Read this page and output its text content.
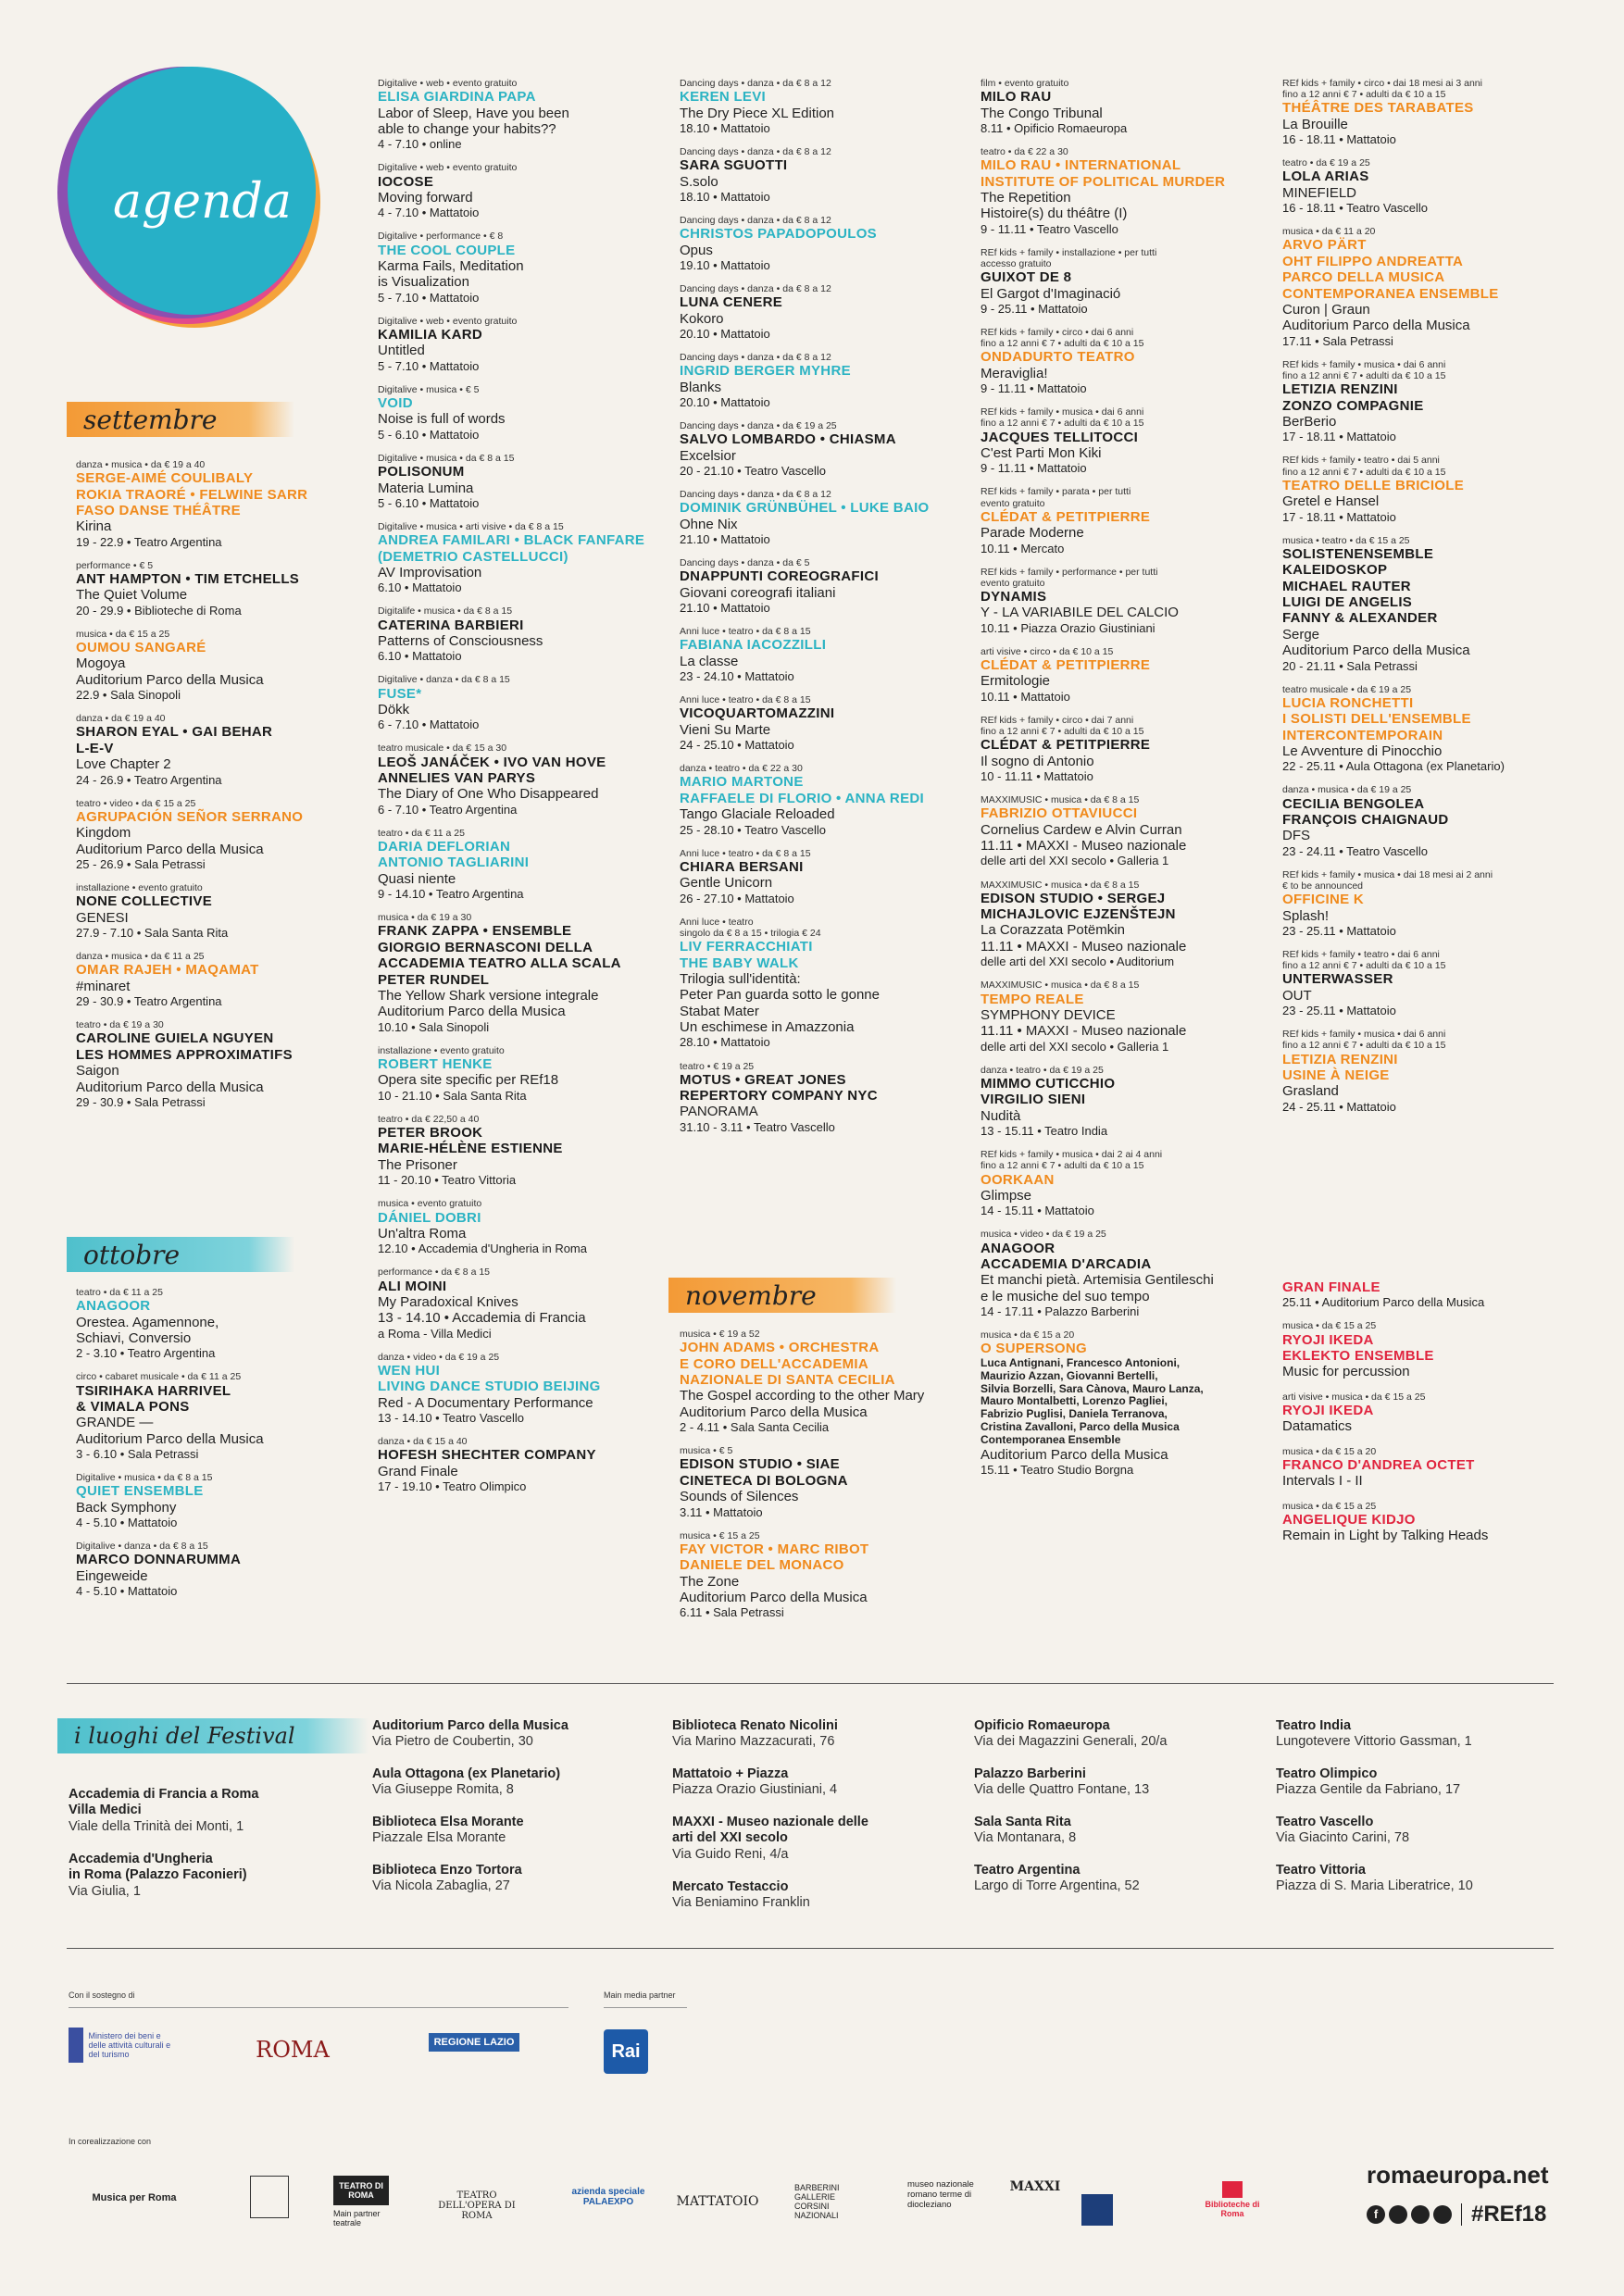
agenda
settembre
ottobre
novembre
danza • musica • da € 19 a 40
SERGE-AIMÉ COULIBALY
ROKIA TRAORÉ • FELWINE SARR
FASO DANSE THÉÂTRE
Kirina
19 - 22.9 • Teatro Argentina
performance • € 5
ANT HAMPTON • TIM ETCHELLS
The Quiet Volume
20 - 29.9 • Biblioteche di Roma
musica • da € 15 a 25
OUMOU SANGARÉ
Mogoya
Auditorium Parco della Musica
22.9 • Sala Sinopoli
danza • da € 19 a 40
SHARON EYAL • GAI BEHAR
L-E-V
Love Chapter 2
24 - 26.9 • Teatro Argentina
teatro • video • da € 15 a 25
AGRUPACIÓN SEÑOR SERRANO
Kingdom
Auditorium Parco della Musica
25 - 26.9 • Sala Petrassi
installazione • evento gratuito
NONE COLLECTIVE
GENESI
27.9 - 7.10 • Sala Santa Rita
danza • musica • da € 11 a 25
OMAR RAJEH • MAQAMAT
#minaret
29 - 30.9 • Teatro Argentina
teatro • da € 19 a 30
CAROLINE GUIELA NGUYEN
LES HOMMES APPROXIMATIFS
Saigon
Auditorium Parco della Musica
29 - 30.9 • Sala Petrassi
teatro • da € 11 a 25
ANAGOOR
Orestea. Agamennone,
Schiavi, Conversio
2 - 3.10 • Teatro Argentina
circo • cabaret musicale • da € 11 a 25
TSIRIHAKA HARRIVEL
& VIMALA PONS
GRANDE —
Auditorium Parco della Musica
3 - 6.10 • Sala Petrassi
Digitalive • musica • da € 8 a 15
QUIET ENSEMBLE
Back Symphony
4 - 5.10 • Mattatoio
Digitalive • danza • da € 8 a 15
MARCO DONNARUMMA
Eingeweide
4 - 5.10 • Mattatoio
Digitalive • web • evento gratuito
ELISA GIARDINA PAPA
Labor of Sleep, Have you been
able to change your habits??
4 - 7.10 • online
Digitalive • web • evento gratuito
IOCOSE
Moving forward
4 - 7.10 • Mattatoio
Digitalive • performance • € 8
THE COOL COUPLE
Karma Fails, Meditation
is Visualization
5 - 7.10 • Mattatoio
Digitalive • web • evento gratuito
KAMILIA KARD
Untitled
5 - 7.10 • Mattatoio
Digitalive • musica • € 5
VOID
Noise is full of words
5 - 6.10 • Mattatoio
Digitalive • musica • da € 8 a 15
POLISONUM
Materia Lumina
5 - 6.10 • Mattatoio
Digitalive • musica • arti visive • da € 8 a 15
ANDREA FAMILARI • BLACK FANFARE
(DEMETRIO CASTELLUCCI)
AV Improvisation
6.10 • Mattatoio
Digitalife • musica • da € 8 a 15
CATERINA BARBIERI
Patterns of Consciousness
6.10 • Mattatoio
Digitalive • danza • da € 8 a 15
FUSE*
Dökk
6 - 7.10 • Mattatoio
teatro musicale • da € 15 a 30
LEOŠ JANÁČEK • IVO VAN HOVE
ANNELIES VAN PARYS
The Diary of One Who Disappeared
6 - 7.10 • Teatro Argentina
teatro • da € 11 a 25
DARIA DEFLORIAN
ANTONIO TAGLIARINI
Quasi niente
9 - 14.10 • Teatro Argentina
musica • da € 19 a 30
FRANK ZAPPA • ENSEMBLE
GIORGIO BERNASCONI DELLA
ACCADEMIA TEATRO ALLA SCALA
PETER RUNDEL
The Yellow Shark versione integrale
Auditorium Parco della Musica
10.10 • Sala Sinopoli
installazione • evento gratuito
ROBERT HENKE
Opera site specific per REf18
10 - 21.10 • Sala Santa Rita
teatro • da € 22,50 a 40
PETER BROOK
MARIE-HÉLÈNE ESTIENNE
The Prisoner
11 - 20.10 • Teatro Vittoria
musica • evento gratuito
DÁNIEL DOBRI
Un'altra Roma
12.10 • Accademia d'Ungheria in Roma
performance • da € 8 a 15
ALI MOINI
My Paradoxical Knives
13 - 14.10 • Accademia di Francia
a Roma - Villa Medici
danza • video • da € 19 a 25
WEN HUI
LIVING DANCE STUDIO BEIJING
Red - A Documentary Performance
13 - 14.10 • Teatro Vascello
danza • da € 15 a 40
HOFESH SHECHTER COMPANY
Grand Finale
17 - 19.10 • Teatro Olimpico
Dancing days • danza • da € 8 a 12
KEREN LEVI
The Dry Piece XL Edition
18.10 • Mattatoio
Dancing days • danza • da € 8 a 12
SARA SGUOTTI
S.solo
18.10 • Mattatoio
Dancing days • danza • da € 8 a 12
CHRISTOS PAPADOPOULOS
Opus
19.10 • Mattatoio
Dancing days • danza • da € 8 a 12
LUNA CENERE
Kokoro
20.10 • Mattatoio
Dancing days • danza • da € 8 a 12
INGRID BERGER MYHRE
Blanks
20.10 • Mattatoio
Dancing days • danza • da € 19 a 25
SALVO LOMBARDO • CHIASMA
Excelsior
20 - 21.10 • Teatro Vascello
Dancing days • danza • da € 8 a 12
DOMINIK GRÜNBÜHEL • LUKE BAIO
Ohne Nix
21.10 • Mattatoio
Dancing days • danza • da € 5
DNAPPUNTI COREOGRAFICI
Giovani coreografi italiani
21.10 • Mattatoio
Anni luce • teatro • da € 8 a 15
FABIANA IACOZZILLI
La classe
23 - 24.10 • Mattatoio
Anni luce • teatro • da € 8 a 15
VICOQUARTOMAZZINI
Vieni Su Marte
24 - 25.10 • Mattatoio
danza • teatro • da € 22 a 30
MARIO MARTONE
RAFFAELE DI FLORIO • ANNA REDI
Tango Glaciale Reloaded
25 - 28.10 • Teatro Vascello
Anni luce • teatro • da € 8 a 15
CHIARA BERSANI
Gentle Unicorn
26 - 27.10 • Mattatoio
Anni luce • teatro
singolo da € 8 a 15 • trilogia € 24
LIV FERRACCHIATI
THE BABY WALK
Trilogia sull'identità:
Peter Pan guarda sotto le gonne
Stabat Mater
Un eschimese in Amazzonia
28.10 • Mattatoio
teatro • € 19 a 25
MOTUS • GREAT JONES
REPERTORY COMPANY NYC
PANORAMA
31.10 - 3.11 • Teatro Vascello
musica • € 19 a 52
JOHN ADAMS • ORCHESTRA
E CORO DELL'ACCADEMIA
NAZIONALE DI SANTA CECILIA
The Gospel according to the other Mary
Auditorium Parco della Musica
2 - 4.11 • Sala Santa Cecilia
musica • € 5
EDISON STUDIO • SIAE
CINETECA DI BOLOGNA
Sounds of Silences
3.11 • Mattatoio
musica • € 15 a 25
FAY VICTOR • MARC RIBOT
DANIELE DEL MONACO
The Zone
Auditorium Parco della Musica
6.11 • Sala Petrassi
film • evento gratuito
MILO RAU
The Congo Tribunal
8.11 • Opificio Romaeuropa
teatro • da € 22 a 30
MILO RAU • INTERNATIONAL
INSTITUTE OF POLITICAL MURDER
The Repetition
Histoire(s) du théâtre (I)
9 - 11.11 • Teatro Vascello
REf kids + family • installazione • per tutti
accesso gratuito
GUIXOT DE 8
El Gargot d'Imaginació
9 - 25.11 • Mattatoio
REf kids + family • circo • dai 6 anni
fino a 12 anni € 7 • adulti da € 10 a 15
ONDADURTO TEATRO
Meraviglia!
9 - 11.11 • Mattatoio
REf kids + family • musica • dai 6 anni
fino a 12 anni € 7 • adulti da € 10 a 15
JACQUES TELLITOCCI
C'est Parti Mon Kiki
9 - 11.11 • Mattatoio
REf kids + family • parata • per tutti
evento gratuito
CLÉDAT & PETITPIERRE
Parade Moderne
10.11 • Mercato
REf kids + family • performance • per tutti
evento gratuito
DYNAMIS
Y - LA VARIABILE DEL CALCIO
10.11 • Piazza Orazio Giustiniani
arti visive • circo • da € 10 a 15
CLÉDAT & PETITPIERRE
Ermitologie
10.11 • Mattatoio
REf kids + family • circo • dai 7 anni
fino a 12 anni € 7 • adulti da € 10 a 15
CLÉDAT & PETITPIERRE
Il sogno di Antonio
10 - 11.11 • Mattatoio
MAXXIMUSIC • musica • da € 8 a 15
FABRIZIO OTTAVIUCCI
Cornelius Cardew e Alvin Curran
11.11 • MAXXI - Museo nazionale
delle arti del XXI secolo • Galleria 1
MAXXIMUSIC • musica • da € 8 a 15
EDISON STUDIO • SERGEJ
MICHAJLOVIC EJZENŠTEJN
La Corazzata Potëmkin
11.11 • MAXXI - Museo nazionale
delle arti del XXI secolo • Auditorium
MAXXIMUSIC • musica • da € 8 a 15
TEMPO REALE
SYMPHONY DEVICE
11.11 • MAXXI - Museo nazionale
delle arti del XXI secolo • Galleria 1
danza • teatro • da € 19 a 25
MIMMO CUTICCHIO
VIRGILIO SIENI
Nudità
13 - 15.11 • Teatro India
REf kids + family • musica • dai 2 ai 4 anni
fino a 12 anni € 7 • adulti da € 10 a 15
OORKAAN
Glimpse
14 - 15.11 • Mattatoio
musica • video • da € 19 a 25
ANAGOOR
ACCADEMIA D'ARCADIA
Et manchi pietà. Artemisia Gentileschi
e le musiche del suo tempo
14 - 17.11 • Palazzo Barberini
musica • da € 15 a 20
O SUPERSONG
Luca Antignani, Francesco Antonioni,
Maurizio Azzan, Giovanni Bertelli,
Silvia Borzelli, Sara Cànova, Mauro Lanza,
Mauro Montalbetti, Lorenzo Pagliei,
Fabrizio Puglisi, Daniela Terranova,
Cristina Zavalloni, Parco della Musica
Contemporanea Ensemble
Auditorium Parco della Musica
15.11 • Teatro Studio Borgna
REf kids + family • circo • dai 18 mesi ai 3 anni
fino a 12 anni € 7 • adulti da € 10 a 15
THÉÂTRE DES TARABATES
La Brouille
16 - 18.11 • Mattatoio
teatro • da € 19 a 25
LOLA ARIAS
MINEFIELD
16 - 18.11 • Teatro Vascello
musica • da € 11 a 20
ARVO PÄRT
OHT FILIPPO ANDREATTA
PARCO DELLA MUSICA
CONTEMPORANEA ENSEMBLE
Curon | Graun
Auditorium Parco della Musica
17.11 • Sala Petrassi
REf kids + family • musica • dai 6 anni
fino a 12 anni € 7 • adulti da € 10 a 15
LETIZIA RENZINI
ZONZO COMPAGNIE
BerBerio
17 - 18.11 • Mattatoio
REf kids + family • teatro • dai 5 anni
fino a 12 anni € 7 • adulti da € 10 a 15
TEATRO DELLE BRICIOLE
Gretel e Hansel
17 - 18.11 • Mattatoio
musica • teatro • da € 15 a 25
SOLISTENENSEMBLE
KALEIDOSKOP
MICHAEL RAUTER
LUIGI DE ANGELIS
FANNY & ALEXANDER
Serge
Auditorium Parco della Musica
20 - 21.11 • Sala Petrassi
teatro musicale • da € 19 a 25
LUCIA RONCHETTI
I SOLISTI DELL'ENSEMBLE
INTERCONTEMPORAIN
Le Avventure di Pinocchio
22 - 25.11 • Aula Ottagona (ex Planetario)
danza • musica • da € 19 a 25
CECILIA BENGOLEA
FRANÇOIS CHAIGNAUD
DFS
23 - 24.11 • Teatro Vascello
REf kids + family • musica • dai 18 mesi ai 2 anni
€ to be announced
OFFICINE K
Splash!
23 - 25.11 • Mattatoio
REf kids + family • teatro • dai 6 anni
fino a 12 anni € 7 • adulti da € 10 a 15
UNTERWASSER
OUT
23 - 25.11 • Mattatoio
REf kids + family • musica • dai 6 anni
fino a 12 anni € 7 • adulti da € 10 a 15
LETIZIA RENZINI
USINE À NEIGE
Grasland
24 - 25.11 • Mattatoio
GRAN FINALE
25.11 • Auditorium Parco della Musica
musica • da € 15 a 25
RYOJI IKEDA
EKLEKTO ENSEMBLE
Music for percussion
arti visive • musica • da € 15 a 25
RYOJI IKEDA
Datamatics
musica • da € 15 a 20
FRANCO D'ANDREA OCTET
Intervals I - II
musica • da € 15 a 25
ANGELIQUE KIDJO
Remain in Light by Talking Heads
i luoghi del Festival
Accademia di Francia a Roma
Villa Medici
Viale della Trinità dei Monti, 1
Accademia d'Ungheria
in Roma (Palazzo Faconieri)
Via Giulia, 1
Auditorium Parco della Musica
Via Pietro de Coubertin, 30
Aula Ottagona (ex Planetario)
Via Giuseppe Romita, 8
Biblioteca Elsa Morante
Piazzale Elsa Morante
Biblioteca Enzo Tortora
Via Nicola Zabaglia, 27
Biblioteca Renato Nicolini
Via Marino Mazzacurati, 76
Mattatoio + Piazza
Piazza Orazio Giustiniani, 4
MAXXI - Museo nazionale delle
arti del XXI secolo
Via Guido Reni, 4/a
Mercato Testaccio
Via Beniamino Franklin
Opificio Romaeuropa
Via dei Magazzini Generali, 20/a
Palazzo Barberini
Via delle Quattro Fontane, 13
Sala Santa Rita
Via Montanara, 8
Teatro Argentina
Largo di Torre Argentina, 52
Teatro India
Lungotevere Vittorio Gassman, 1
Teatro Olimpico
Piazza Gentile da Fabriano, 17
Teatro Vascello
Via Giacinto Carini, 78
Teatro Vittoria
Piazza di S. Maria Liberatrice, 10
Con il sostegno di	Main media partner
Ministero dei beni e delle attività culturali e del turismo	ROMA	REGIONE LAZIO	Rai
In corealizzazione con
Musica per Roma
TEATRO DI ROMA
Main partner teatrale
TEATRO DELL'OPERA DI ROMA
azienda speciale PALAEXPO	MATTATOIO
BARBERINI GALLERIE CORSINI NAZIONALI
museo nazionale romano terme di diocleziano
MAXXI
Biblioteche di Roma
romaeuropa.net
f	#REf18
